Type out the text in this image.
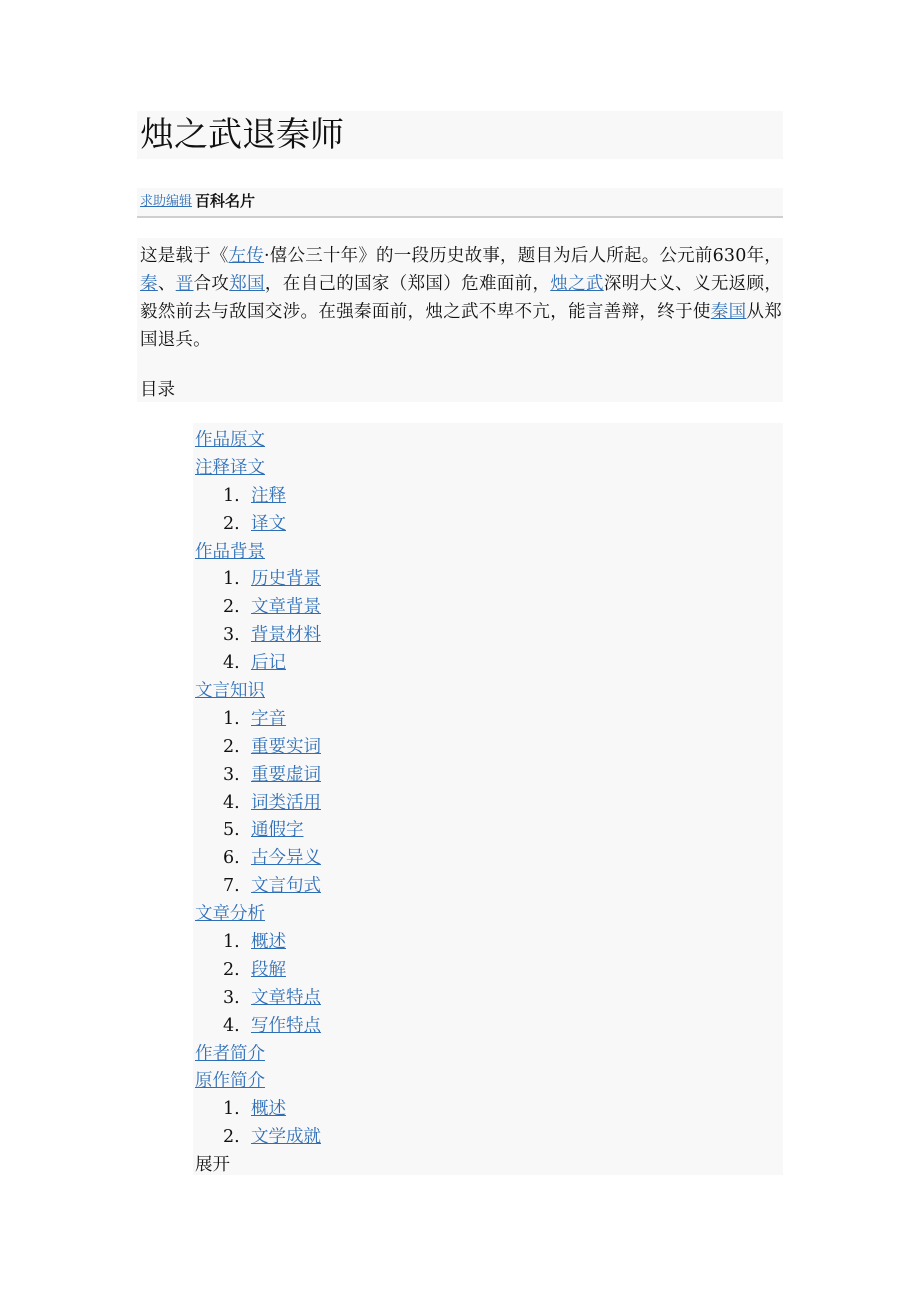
烛之武退秦师
求助编辑 百科名片

这是载于《左传·僖公三十年》的一段历史故事，题目为后人所起。公元前630年，秦、晋合攻郑国，在自己的国家（郑国）危难面前，烛之武深明大义、义无返顾，毅然前去与敌国交涉。在强秦面前，烛之武不卑不亢，能言善辩，终于使秦国从郑国退兵。

目录
作品原文
注释译文
1. 注释
2. 译文
作品背景
1. 历史背景
2. 文章背景
3. 背景材料
4. 后记
文言知识
1. 字音
2. 重要实词
3. 重要虚词
4. 词类活用
5. 通假字
6. 古今异义
7. 文言句式
文章分析
1. 概述
2. 段解
3. 文章特点
4. 写作特点
作者简介
原作简介
1. 概述
2. 文学成就
展开
